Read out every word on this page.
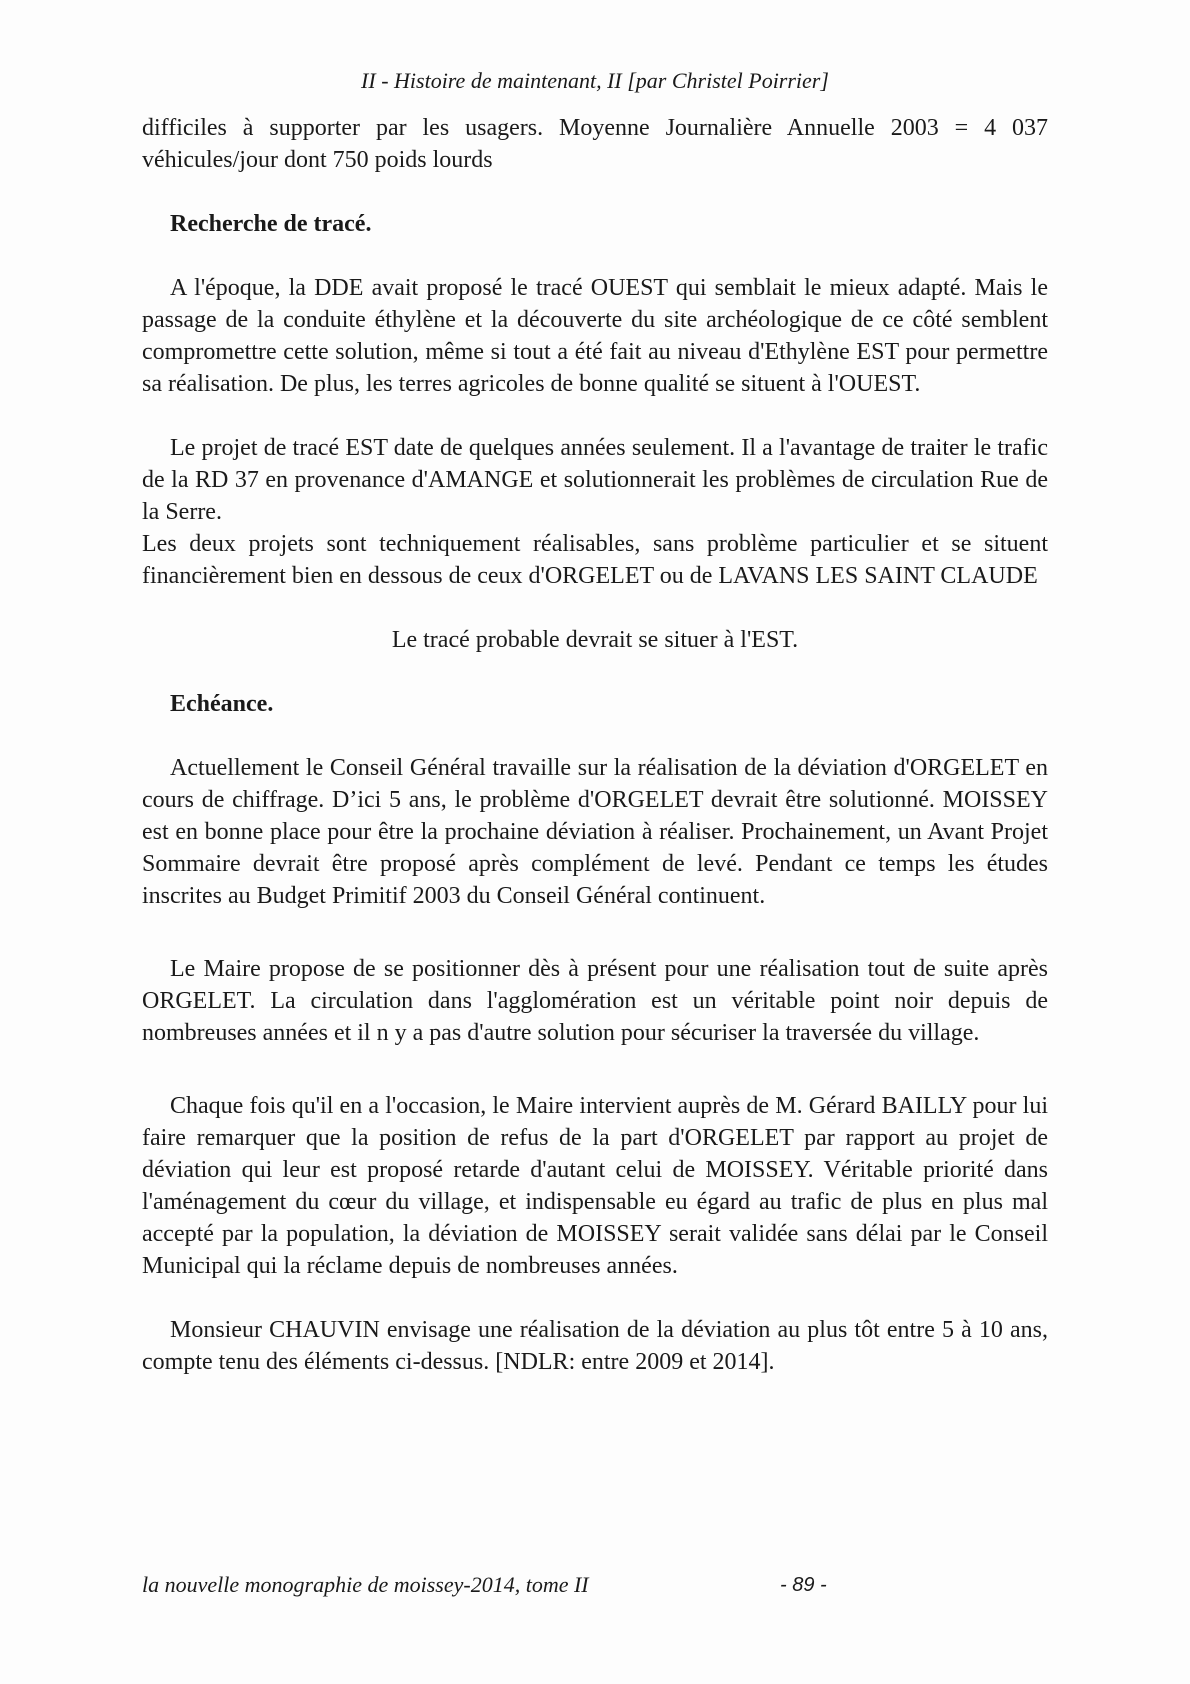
II - Histoire de maintenant, II [par Christel Poirrier]

difficiles à supporter par les usagers. Moyenne Journalière Annuelle 2003 = 4 037 véhicules/jour dont 750 poids lourds

Recherche de tracé.

A l'époque, la DDE avait proposé le tracé OUEST qui semblait le mieux adapté. Mais le passage de la conduite éthylène et la découverte du site archéologique de ce côté semblent compromettre cette solution, même si tout a été fait au niveau d'Ethylène EST pour permettre sa réalisation. De plus, les terres agricoles de bonne qualité se situent à l'OUEST.

Le projet de tracé EST date de quelques années seulement. Il a l'avantage de traiter le trafic de la RD 37 en provenance d'AMANGE et solutionnerait les problèmes de circulation Rue de la Serre.

Les deux projets sont techniquement réalisables, sans problème particulier et se situent financièrement bien en dessous de ceux d'ORGELET ou de LAVANS LES SAINT CLAUDE

Le tracé probable devrait se situer à l'EST.

Echéance.

Actuellement le Conseil Général travaille sur la réalisation de la déviation d'ORGELET en cours de chiffrage. D’ici 5 ans, le problème d'ORGELET devrait être solutionné. MOISSEY est en bonne place pour être la prochaine déviation à réaliser. Prochainement, un Avant Projet Sommaire devrait être proposé après complément de levé. Pendant ce temps les études inscrites au Budget Primitif 2003 du Conseil Général continuent.

Le Maire propose de se positionner dès à présent pour une réalisation tout de suite après ORGELET. La circulation dans l'agglomération est un véritable point noir depuis de nombreuses années et il n y a pas d'autre solution pour sécuriser la traversée du village.

Chaque fois qu'il en a l'occasion, le Maire intervient auprès de M. Gérard BAILLY pour lui faire remarquer que la position de refus de la part d'ORGELET par rapport au projet de déviation qui leur est proposé retarde d'autant celui de MOISSEY. Véritable priorité dans l'aménagement du cœur du village, et indispensable eu égard au trafic de plus en plus mal accepté par la population, la déviation de MOISSEY serait validée sans délai par le Conseil Municipal qui la réclame depuis de nombreuses années.

Monsieur CHAUVIN envisage une réalisation de la déviation au plus tôt entre 5 à 10 ans, compte tenu des éléments ci-dessus. [NDLR: entre 2009 et 2014].

la nouvelle monographie de moissey-2014, tome II	- 89 -
